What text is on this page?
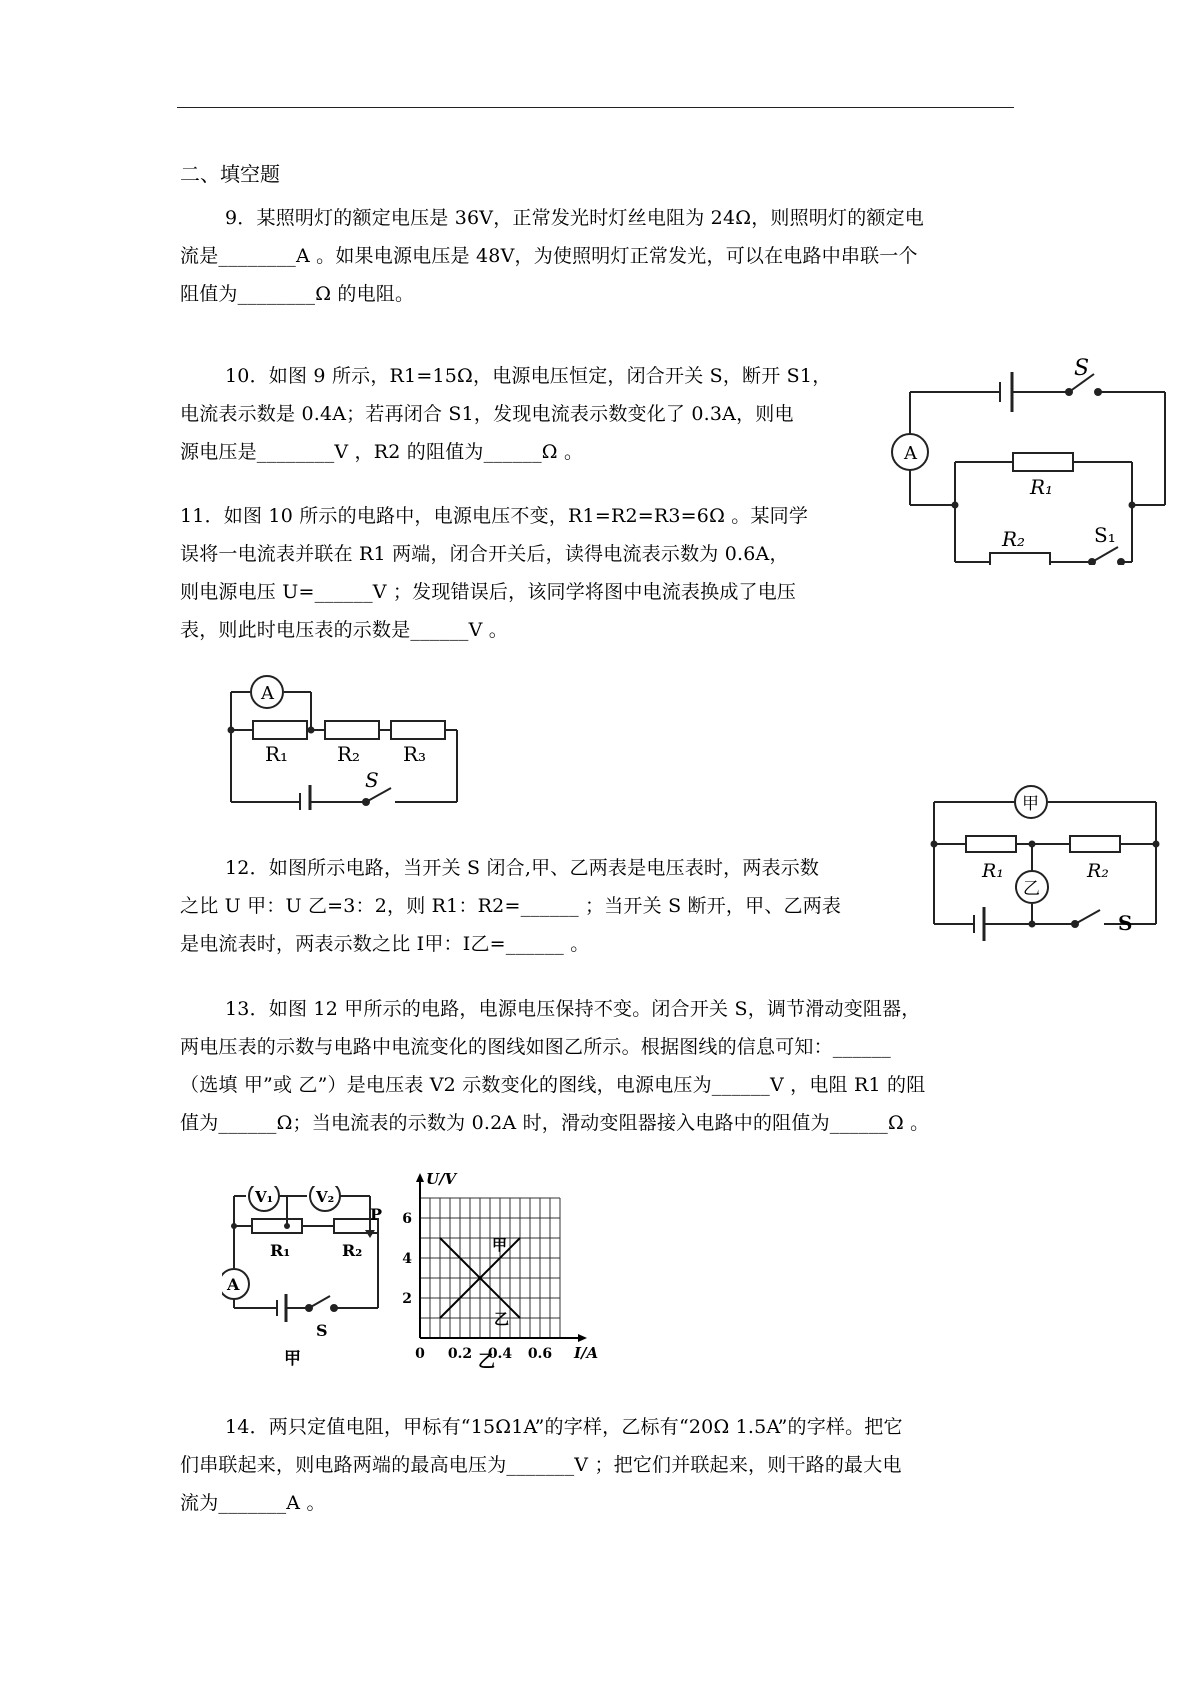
二、填空题
9．某照明灯的额定电压是 36V，正常发光时灯丝电阻为 24Ω，则照明灯的额定电
流是________A 。如果电源电压是 48V，为使照明灯正常发光，可以在电路中串联一个
阻值为________Ω 的电阻。
10．如图 9 所示，R1=15Ω，电源电压恒定，闭合开关 S，断开 S1，
电流表示数是 0.4A；若再闭合 S1，发现电流表示数变化了 0.3A，则电
源电压是________V ，R2 的阻值为______Ω 。
11．如图 10 所示的电路中，电源电压不变，R1=R2=R3=6Ω 。某同学
误将一电流表并联在 R1 两端，闭合开关后，读得电流表示数为 0.6A，
则电源电压 U=______V ；发现错误后，该同学将图中电流表换成了电压
表，则此时电压表的示数是______V 。
12．如图所示电路，当开关 S 闭合,甲、乙两表是电压表时，两表示数
之比 U 甲：U 乙=3：2，则 R1：R2=______ ；当开关 S 断开，甲、乙两表
是电流表时，两表示数之比 I甲：I乙=______ 。
13．如图 12 甲所示的电路，电源电压保持不变。闭合开关 S，调节滑动变阻器，
两电压表的示数与电路中电流变化的图线如图乙所示。根据图线的信息可知：______
（选填 甲”或 乙”）是电压表 V2 示数变化的图线，电源电压为______V ，电阻 R1 的阻
值为______Ω；当电流表的示数为 0.2A 时，滑动变阻器接入电路中的阻值为______Ω 。
14．两只定值电阻，甲标有“15Ω1A”的字样，乙标有“20Ω 1.5A”的字样。把它
们串联起来，则电路两端的最高电压为_______V ；把它们并联起来，则干路的最大电
流为_______A 。
A
S
R₁
R₂	S₁
A
R₁ R₂ R₃
S
甲
乙
R₁	R₂
S
V₁	V₂
P
R₁	R₂
A
S
甲
甲
乙
0 0.2 0.4 0.6
2
4
6
U/V
I/A
乙
